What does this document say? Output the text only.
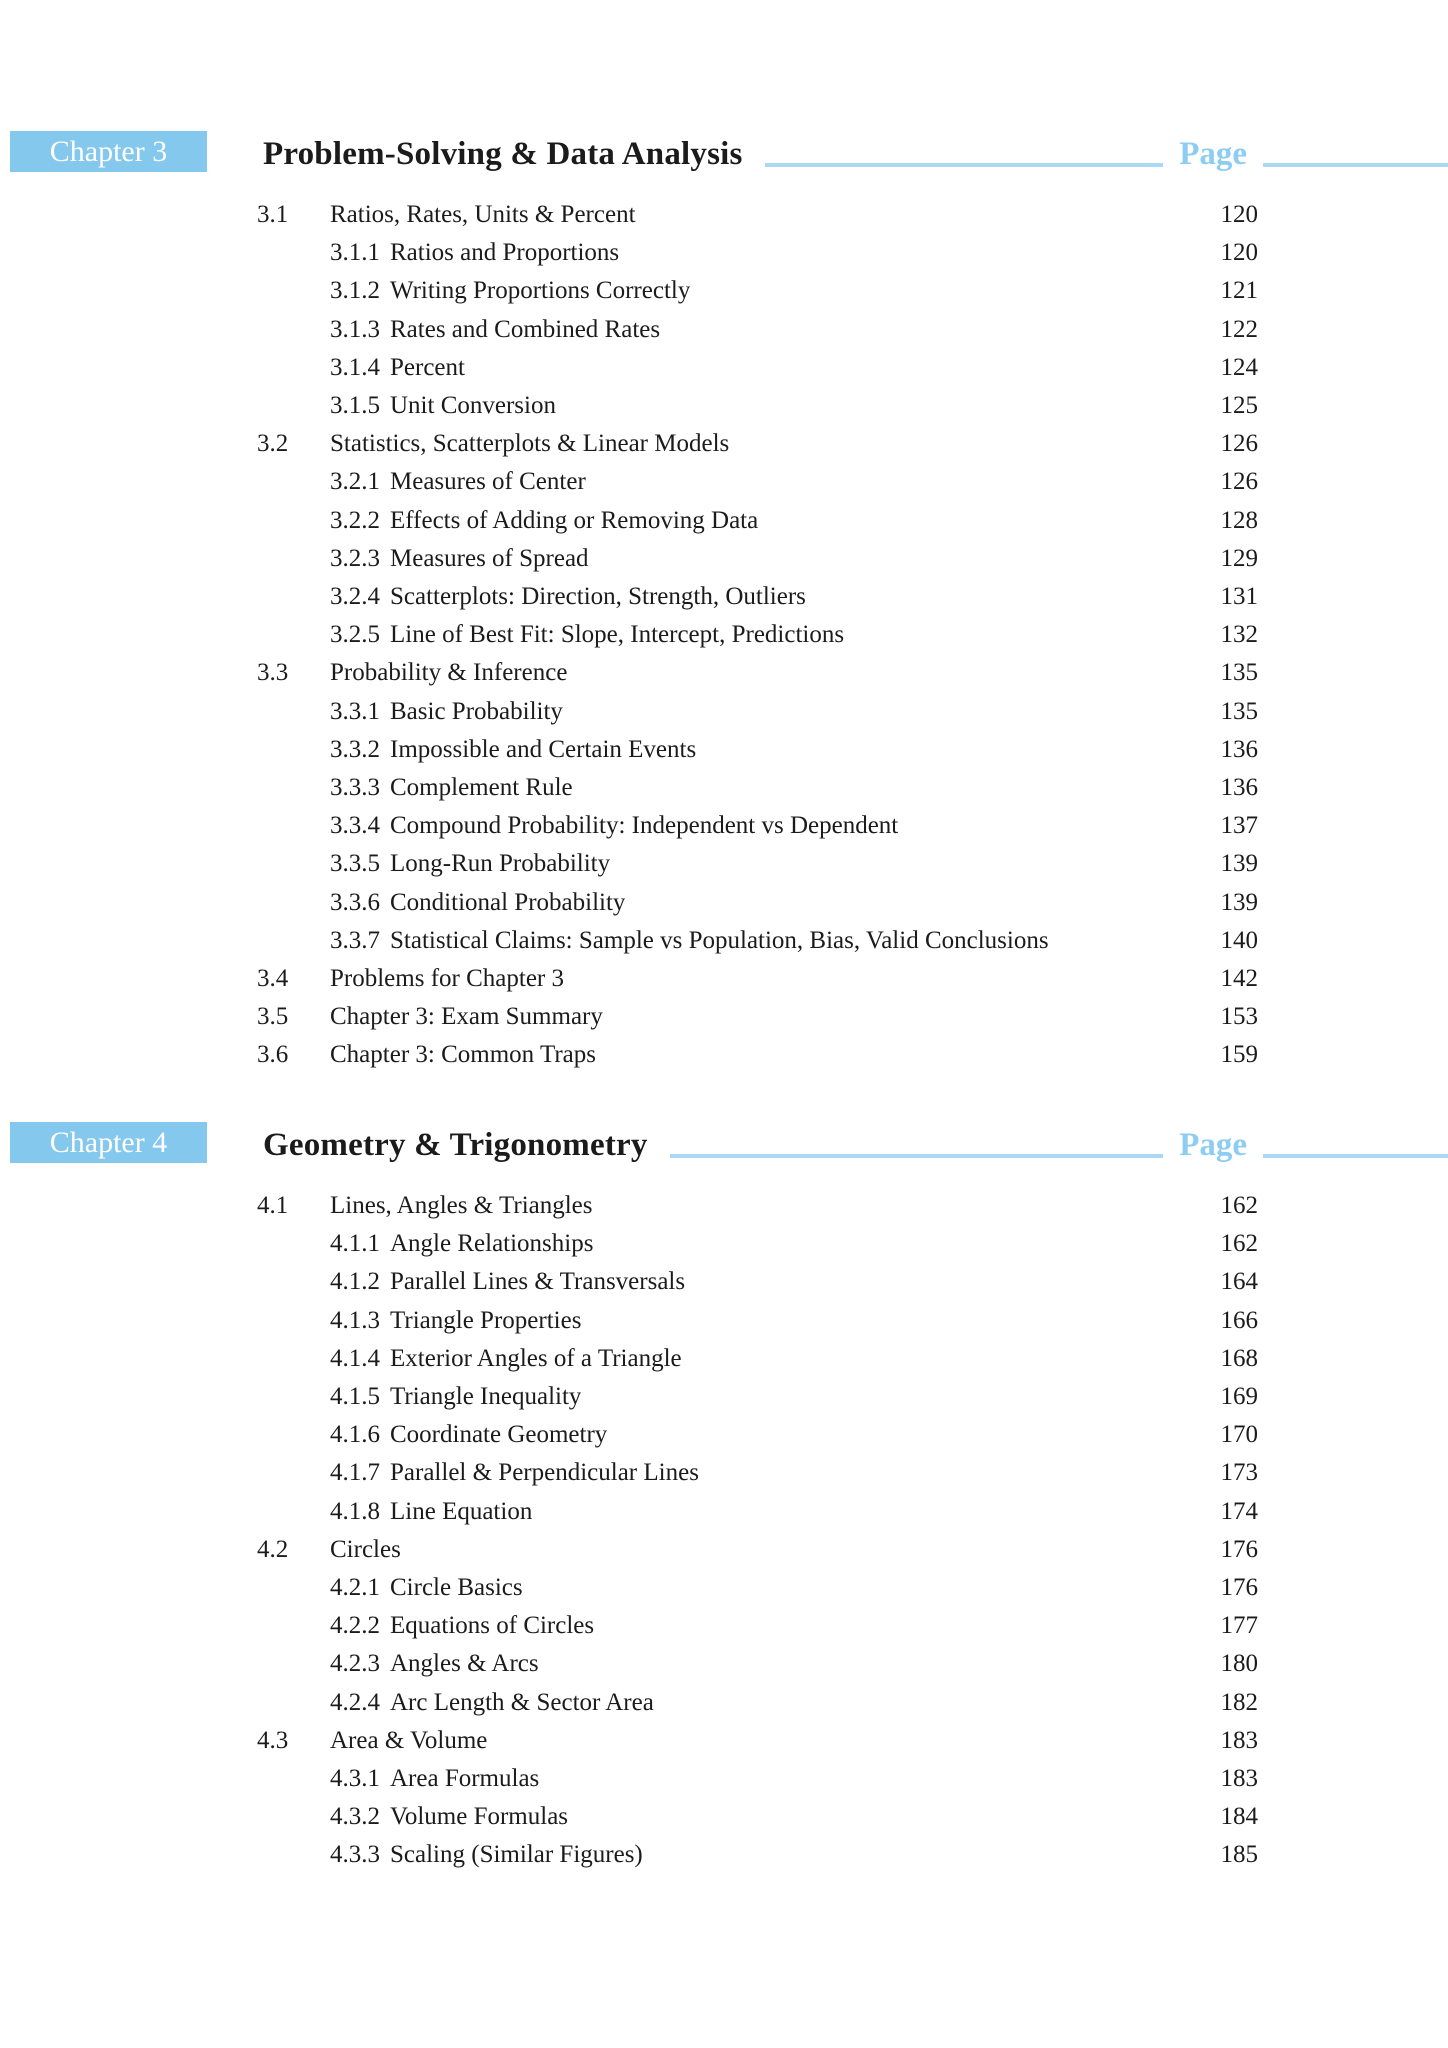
Chapter 3	Problem-Solving & Data Analysis	Page
3.1	Ratios, Rates, Units & Percent	120
3.1.1 Ratios and Proportions	120
3.1.2 Writing Proportions Correctly	121
3.1.3 Rates and Combined Rates	122
3.1.4 Percent	124
3.1.5 Unit Conversion	125
3.2	Statistics, Scatterplots & Linear Models	126
3.2.1 Measures of Center	126
3.2.2 Effects of Adding or Removing Data	128
3.2.3 Measures of Spread	129
3.2.4 Scatterplots: Direction, Strength, Outliers	131
3.2.5 Line of Best Fit: Slope, Intercept, Predictions	132
3.3	Probability & Inference	135
3.3.1 Basic Probability	135
3.3.2 Impossible and Certain Events	136
3.3.3 Complement Rule	136
3.3.4 Compound Probability: Independent vs Dependent	137
3.3.5 Long-Run Probability	139
3.3.6 Conditional Probability	139
3.3.7 Statistical Claims: Sample vs Population, Bias, Valid Conclusions	140
3.4	Problems for Chapter 3	142
3.5	Chapter 3: Exam Summary	153
3.6	Chapter 3: Common Traps	159
Chapter 4	Geometry & Trigonometry	Page
4.1	Lines, Angles & Triangles	162
4.1.1 Angle Relationships	162
4.1.2 Parallel Lines & Transversals	164
4.1.3 Triangle Properties	166
4.1.4 Exterior Angles of a Triangle	168
4.1.5 Triangle Inequality	169
4.1.6 Coordinate Geometry	170
4.1.7 Parallel & Perpendicular Lines	173
4.1.8 Line Equation	174
4.2	Circles	176
4.2.1 Circle Basics	176
4.2.2 Equations of Circles	177
4.2.3 Angles & Arcs	180
4.2.4 Arc Length & Sector Area	182
4.3	Area & Volume	183
4.3.1 Area Formulas	183
4.3.2 Volume Formulas	184
4.3.3 Scaling (Similar Figures)	185
